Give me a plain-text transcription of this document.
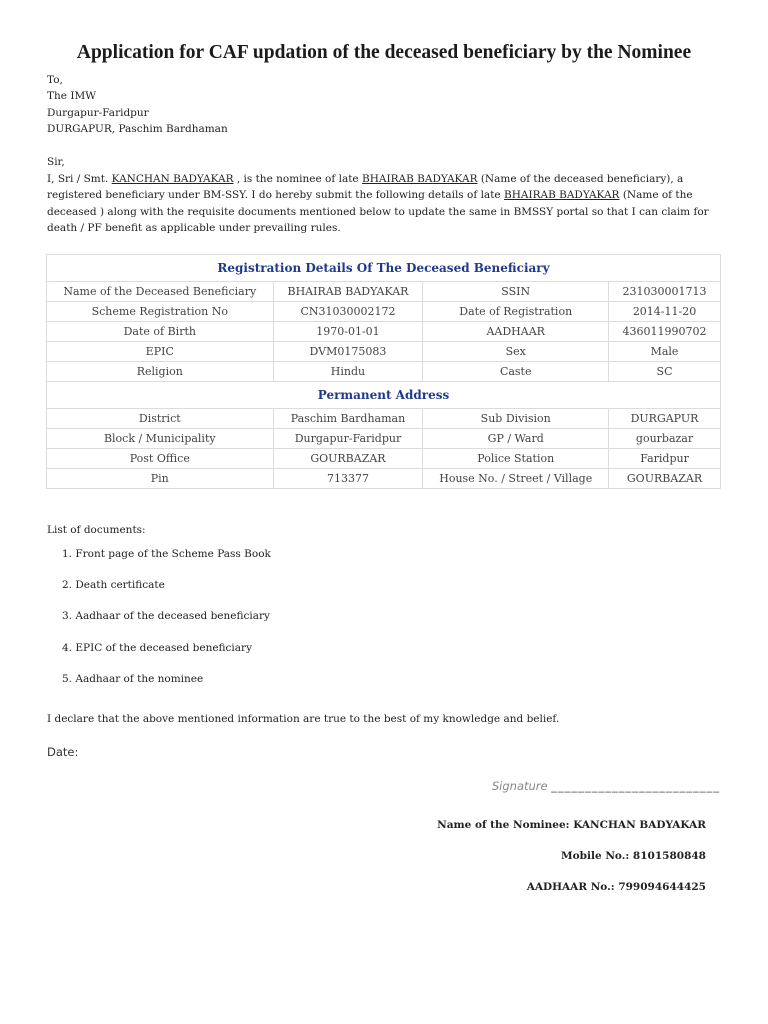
Application for CAF updation of the deceased beneficiary by the Nominee
To,
The IMW
Durgapur-Faridpur
DURGAPUR, Paschim Bardhaman
Sir,
I, Sri / Smt. KANCHAN BADYAKAR , is the nominee of late BHAIRAB BADYAKAR (Name of the deceased beneficiary), a registered beneficiary under BM-SSY. I do hereby submit the following details of late BHAIRAB BADYAKAR (Name of the deceased ) along with the requisite documents mentioned below to update the same in BMSSY portal so that I can claim for death / PF benefit as applicable under prevailing rules.
Registration Details Of The Deceased Beneficiary			
Name of the Deceased Beneficiary	BHAIRAB BADYAKAR	SSIN	231030001713
Scheme Registration No	CN31030002172	Date of Registration	2014-11-20
Date of Birth	1970-01-01	AADHAAR	436011990702
EPIC	DVM0175083	Sex	Male
Religion	Hindu	Caste	SC
Permanent Address			
District	Paschim Bardhaman	Sub Division	DURGAPUR
Block / Municipality	Durgapur-Faridpur	GP / Ward	gourbazar
Post Office	GOURBAZAR	Police Station	Faridpur
Pin	713377	House No. / Street / Village	GOURBAZAR
List of documents:
1. Front page of the Scheme Pass Book
2. Death certificate
3. Aadhaar of the deceased beneficiary
4. EPIC of the deceased beneficiary
5. Aadhaar of the nominee
I declare that the above mentioned information are true to the best of my knowledge and belief.
Date:
Signature _________________________
Name of the Nominee: KANCHAN BADYAKAR
Mobile No.: 8101580848
AADHAAR No.: 799094644425
